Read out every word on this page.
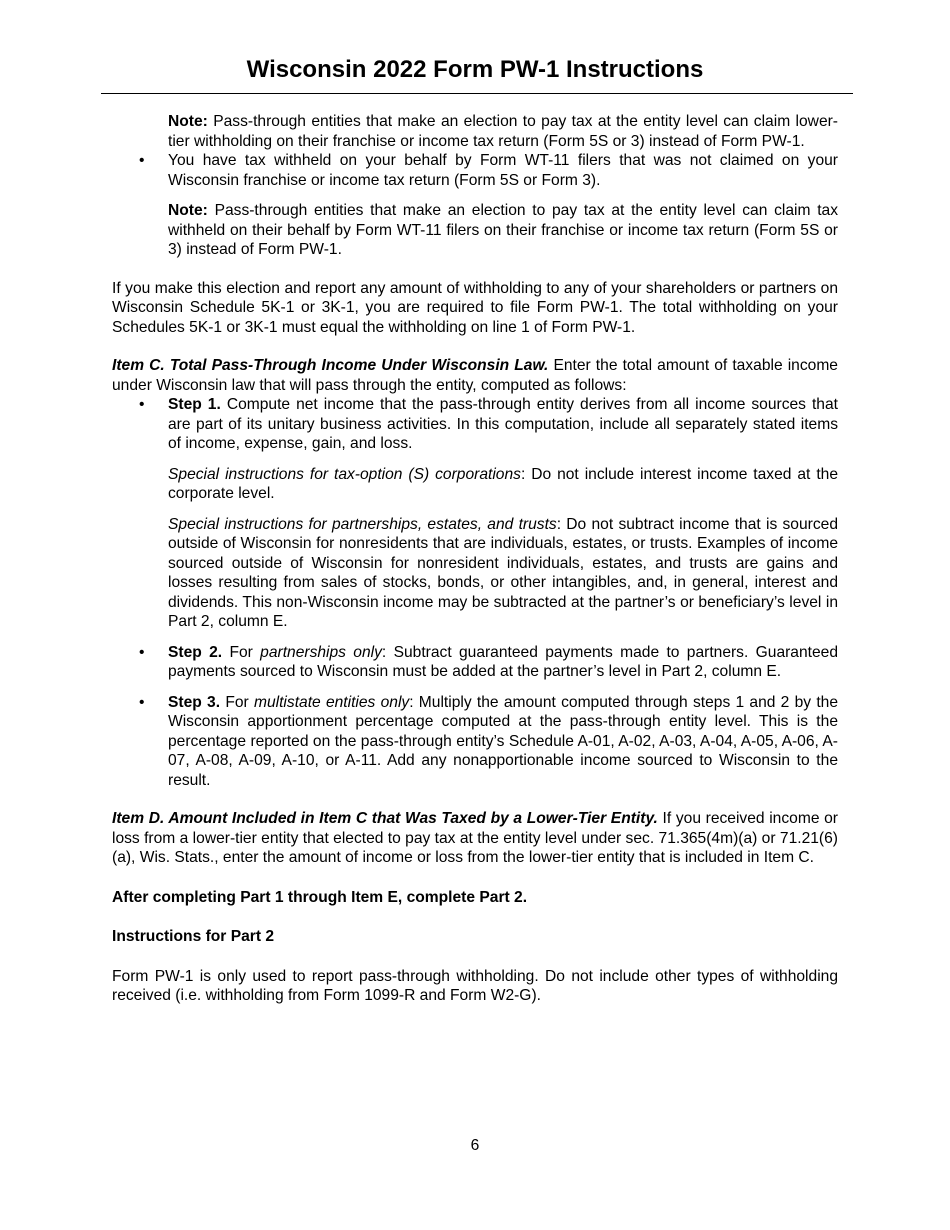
Wisconsin 2022 Form PW-1 Instructions

Note: Pass-through entities that make an election to pay tax at the entity level can claim lower-tier withholding on their franchise or income tax return (Form 5S or 3) instead of Form PW-1.

•	You have tax withheld on your behalf by Form WT-11 filers that was not claimed on your Wisconsin franchise or income tax return (Form 5S or Form 3).

Note: Pass-through entities that make an election to pay tax at the entity level can claim tax withheld on their behalf by Form WT-11 filers on their franchise or income tax return (Form 5S or 3) instead of Form PW-1.

If you make this election and report any amount of withholding to any of your shareholders or partners on Wisconsin Schedule 5K-1 or 3K-1, you are required to file Form PW-1. The total withholding on your Schedules 5K-1 or 3K-1 must equal the withholding on line 1 of Form PW-1.

Item C. Total Pass-Through Income Under Wisconsin Law. Enter the total amount of taxable income under Wisconsin law that will pass through the entity, computed as follows:

•	Step 1. Compute net income that the pass-through entity derives from all income sources that are part of its unitary business activities. In this computation, include all separately stated items of income, expense, gain, and loss.

Special instructions for tax-option (S) corporations: Do not include interest income taxed at the corporate level.

Special instructions for partnerships, estates, and trusts: Do not subtract income that is sourced outside of Wisconsin for nonresidents that are individuals, estates, or trusts. Examples of income sourced outside of Wisconsin for nonresident individuals, estates, and trusts are gains and losses resulting from sales of stocks, bonds, or other intangibles, and, in general, interest and dividends. This non-Wisconsin income may be subtracted at the partner’s or beneficiary’s level in Part 2, column E.

•	Step 2. For partnerships only: Subtract guaranteed payments made to partners. Guaranteed payments sourced to Wisconsin must be added at the partner’s level in Part 2, column E.

•	Step 3. For multistate entities only: Multiply the amount computed through steps 1 and 2 by the Wisconsin apportionment percentage computed at the pass-through entity level. This is the percentage reported on the pass-through entity’s Schedule A-01, A-02, A-03, A-04, A-05, A-06, A-07, A-08, A-09, A-10, or A-11. Add any nonapportionable income sourced to Wisconsin to the result.

Item D. Amount Included in Item C that Was Taxed by a Lower-Tier Entity. If you received income or loss from a lower-tier entity that elected to pay tax at the entity level under sec. 71.365(4m)(a) or 71.21(6)(a), Wis. Stats., enter the amount of income or loss from the lower-tier entity that is included in Item C.

After completing Part 1 through Item E, complete Part 2.

Instructions for Part 2

Form PW-1 is only used to report pass-through withholding. Do not include other types of withholding received (i.e. withholding from Form 1099-R and Form W2-G).

6
